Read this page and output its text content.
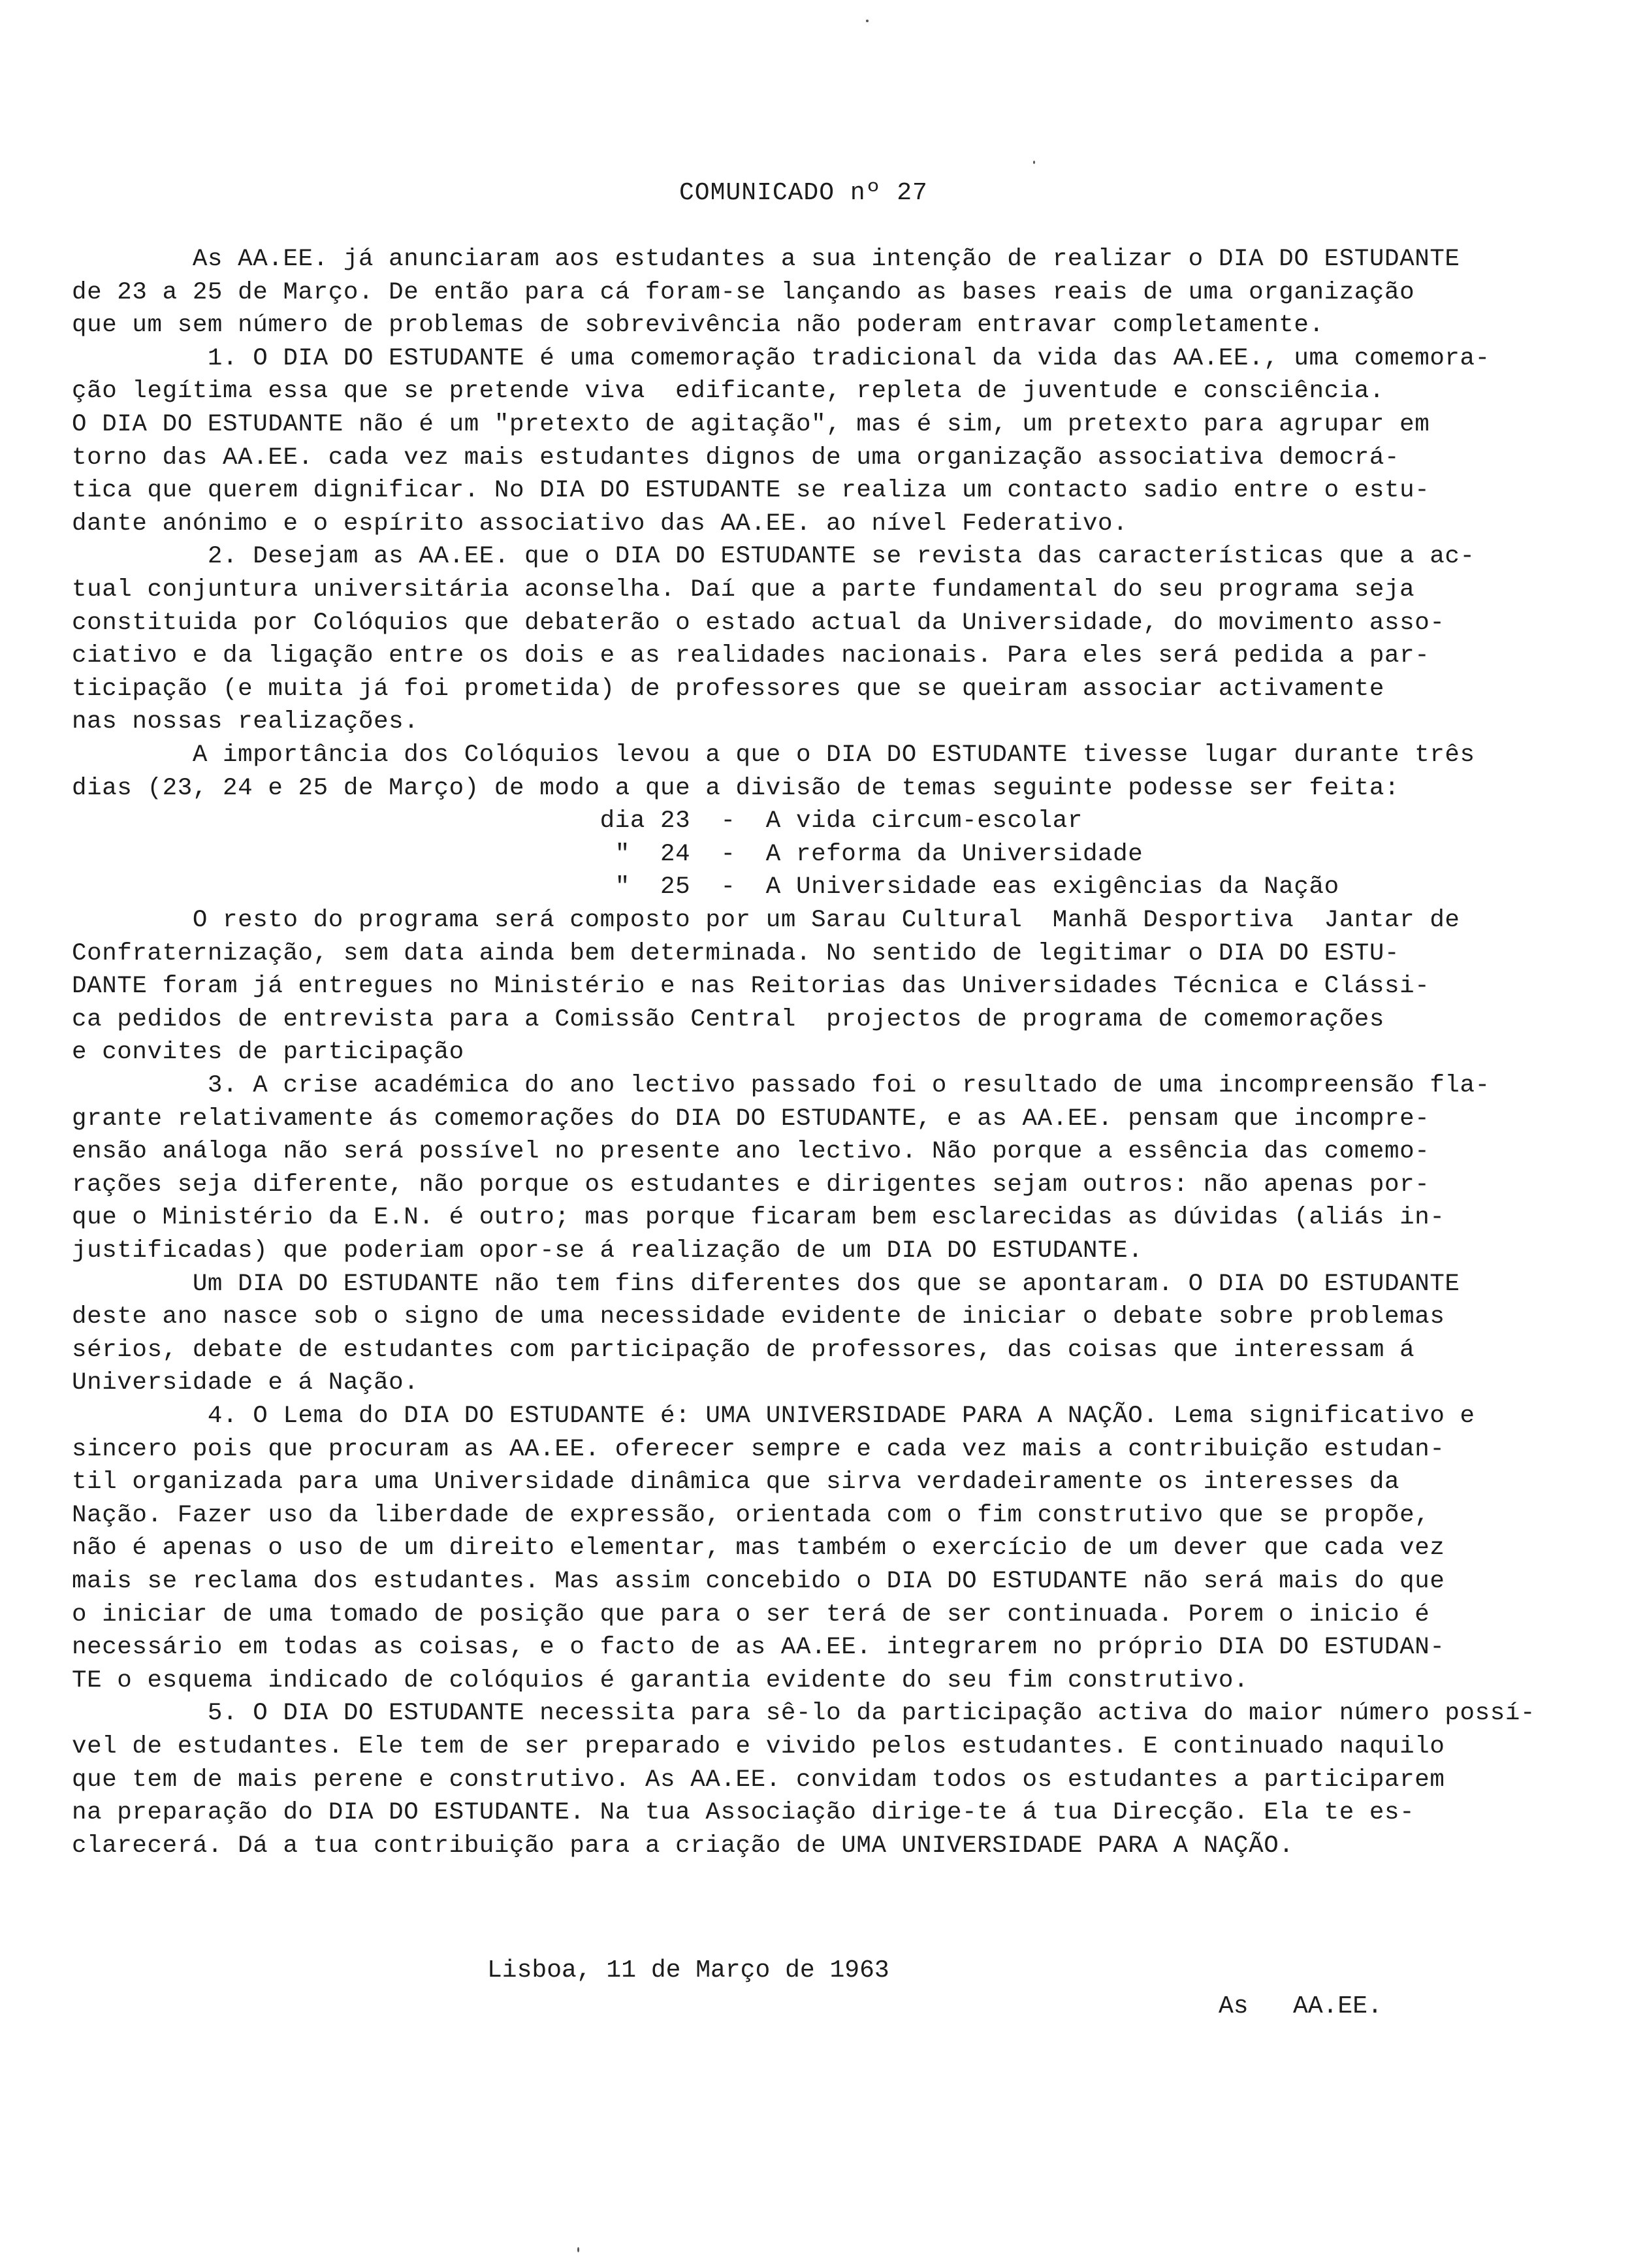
COMUNICADO nº 27
As AA.EE. já anunciaram aos estudantes a sua intenção de realizar o DIA DO ESTUDANTE
de 23 a 25 de Março. De então para cá foram-se lançando as bases reais de uma organização
que um sem número de problemas de sobrevivência não poderam entravar completamente.
1. O DIA DO ESTUDANTE é uma comemoração tradicional da vida das AA.EE., uma comemora-
ção legítima essa que se pretende viva  edificante, repleta de juventude e consciência.
O DIA DO ESTUDANTE não é um "pretexto de agitação", mas é sim, um pretexto para agrupar em
torno das AA.EE. cada vez mais estudantes dignos de uma organização associativa democrá-
tica que querem dignificar. No DIA DO ESTUDANTE se realiza um contacto sadio entre o estu-
dante anónimo e o espírito associativo das AA.EE. ao nível Federativo.
2. Desejam as AA.EE. que o DIA DO ESTUDANTE se revista das características que a ac-
tual conjuntura universitária aconselha. Daí que a parte fundamental do seu programa seja
constituida por Colóquios que debaterão o estado actual da Universidade, do movimento asso-
ciativo e da ligação entre os dois e as realidades nacionais. Para eles será pedida a par-
ticipação (e muita já foi prometida) de professores que se queiram associar activamente
nas nossas realizações.
A importância dos Colóquios levou a que o DIA DO ESTUDANTE tivesse lugar durante três
dias (23, 24 e 25 de Março) de modo a que a divisão de temas seguinte podesse ser feita:
dia 23  -  A vida circum-escolar
"  24  -  A reforma da Universidade
"  25  -  A Universidade eas exigências da Nação
O resto do programa será composto por um Sarau Cultural  Manhã Desportiva  Jantar de
Confraternização, sem data ainda bem determinada. No sentido de legitimar o DIA DO ESTU-
DANTE foram já entregues no Ministério e nas Reitorias das Universidades Técnica e Clássi-
ca pedidos de entrevista para a Comissão Central  projectos de programa de comemorações
e convites de participação
3. A crise académica do ano lectivo passado foi o resultado de uma incompreensão fla-
grante relativamente ás comemorações do DIA DO ESTUDANTE, e as AA.EE. pensam que incompre-
ensão análoga não será possível no presente ano lectivo. Não porque a essência das comemo-
rações seja diferente, não porque os estudantes e dirigentes sejam outros: não apenas por-
que o Ministério da E.N. é outro; mas porque ficaram bem esclarecidas as dúvidas (aliás in-
justificadas) que poderiam opor-se á realização de um DIA DO ESTUDANTE.
Um DIA DO ESTUDANTE não tem fins diferentes dos que se apontaram. O DIA DO ESTUDANTE
deste ano nasce sob o signo de uma necessidade evidente de iniciar o debate sobre problemas
sérios, debate de estudantes com participação de professores, das coisas que interessam á
Universidade e á Nação.
4. O Lema do DIA DO ESTUDANTE é: UMA UNIVERSIDADE PARA A NAÇÃO. Lema significativo e
sincero pois que procuram as AA.EE. oferecer sempre e cada vez mais a contribuição estudan-
til organizada para uma Universidade dinâmica que sirva verdadeiramente os interesses da
Nação. Fazer uso da liberdade de expressão, orientada com o fim construtivo que se propõe,
não é apenas o uso de um direito elementar, mas também o exercício de um dever que cada vez
mais se reclama dos estudantes. Mas assim concebido o DIA DO ESTUDANTE não será mais do que
o iniciar de uma tomado de posição que para o ser terá de ser continuada. Porem o inicio é
necessário em todas as coisas, e o facto de as AA.EE. integrarem no próprio DIA DO ESTUDAN-
TE o esquema indicado de colóquios é garantia evidente do seu fim construtivo.
5. O DIA DO ESTUDANTE necessita para sê-lo da participação activa do maior número possí-
vel de estudantes. Ele tem de ser preparado e vivido pelos estudantes. E continuado naquilo
que tem de mais perene e construtivo. As AA.EE. convidam todos os estudantes a participarem
na preparação do DIA DO ESTUDANTE. Na tua Associação dirige-te á tua Direcção. Ela te es-
clarecerá. Dá a tua contribuição para a criação de UMA UNIVERSIDADE PARA A NAÇÃO.
Lisboa, 11 de Março de 1963
As   AA.EE.
